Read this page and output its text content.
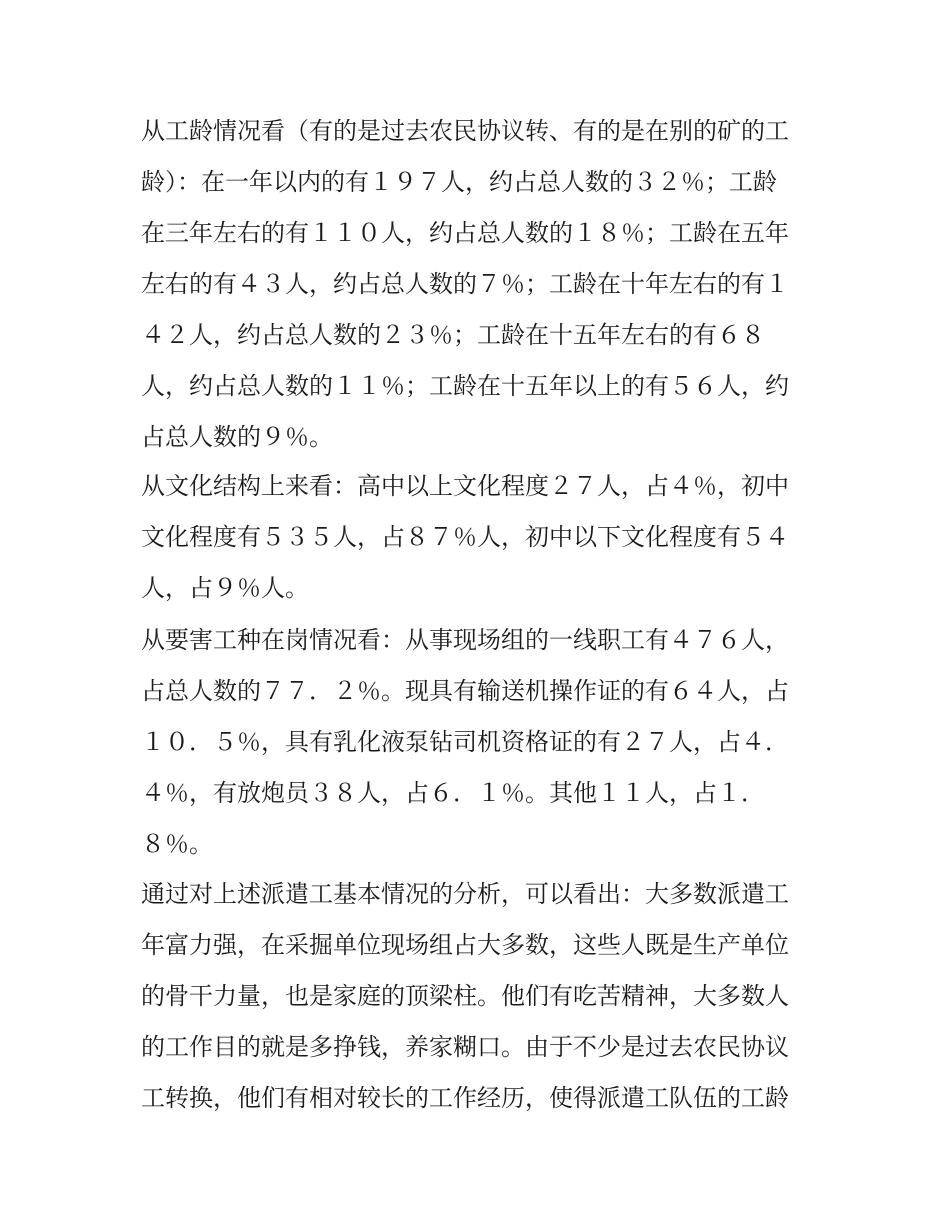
从工龄情况看（有的是过去农民协议转、有的是在别的矿的工
龄）：在一年以内的有１９７人，约占总人数的３２％；工龄
在三年左右的有１１０人，约占总人数的１８％；工龄在五年
左右的有４３人，约占总人数的７％；工龄在十年左右的有１
４２人，约占总人数的２３％；工龄在十五年左右的有６８
人，约占总人数的１１％；工龄在十五年以上的有５６人，约
占总人数的９％。
从文化结构上来看：高中以上文化程度２７人，占４％，初中
文化程度有５３５人，占８７％人，初中以下文化程度有５４
人，占９％人。
从要害工种在岗情况看：从事现场组的一线职工有４７６人，
占总人数的７７．２％。现具有输送机操作证的有６４人，占
１０．５％，具有乳化液泵钻司机资格证的有２７人，占４．
４％，有放炮员３８人，占６．１％。其他１１人，占１．
８％。
通过对上述派遣工基本情况的分析，可以看出：大多数派遣工
年富力强，在采掘单位现场组占大多数，这些人既是生产单位
的骨干力量，也是家庭的顶梁柱。他们有吃苦精神，大多数人
的工作目的就是多挣钱，养家糊口。由于不少是过去农民协议
工转换，他们有相对较长的工作经历，使得派遣工队伍的工龄
